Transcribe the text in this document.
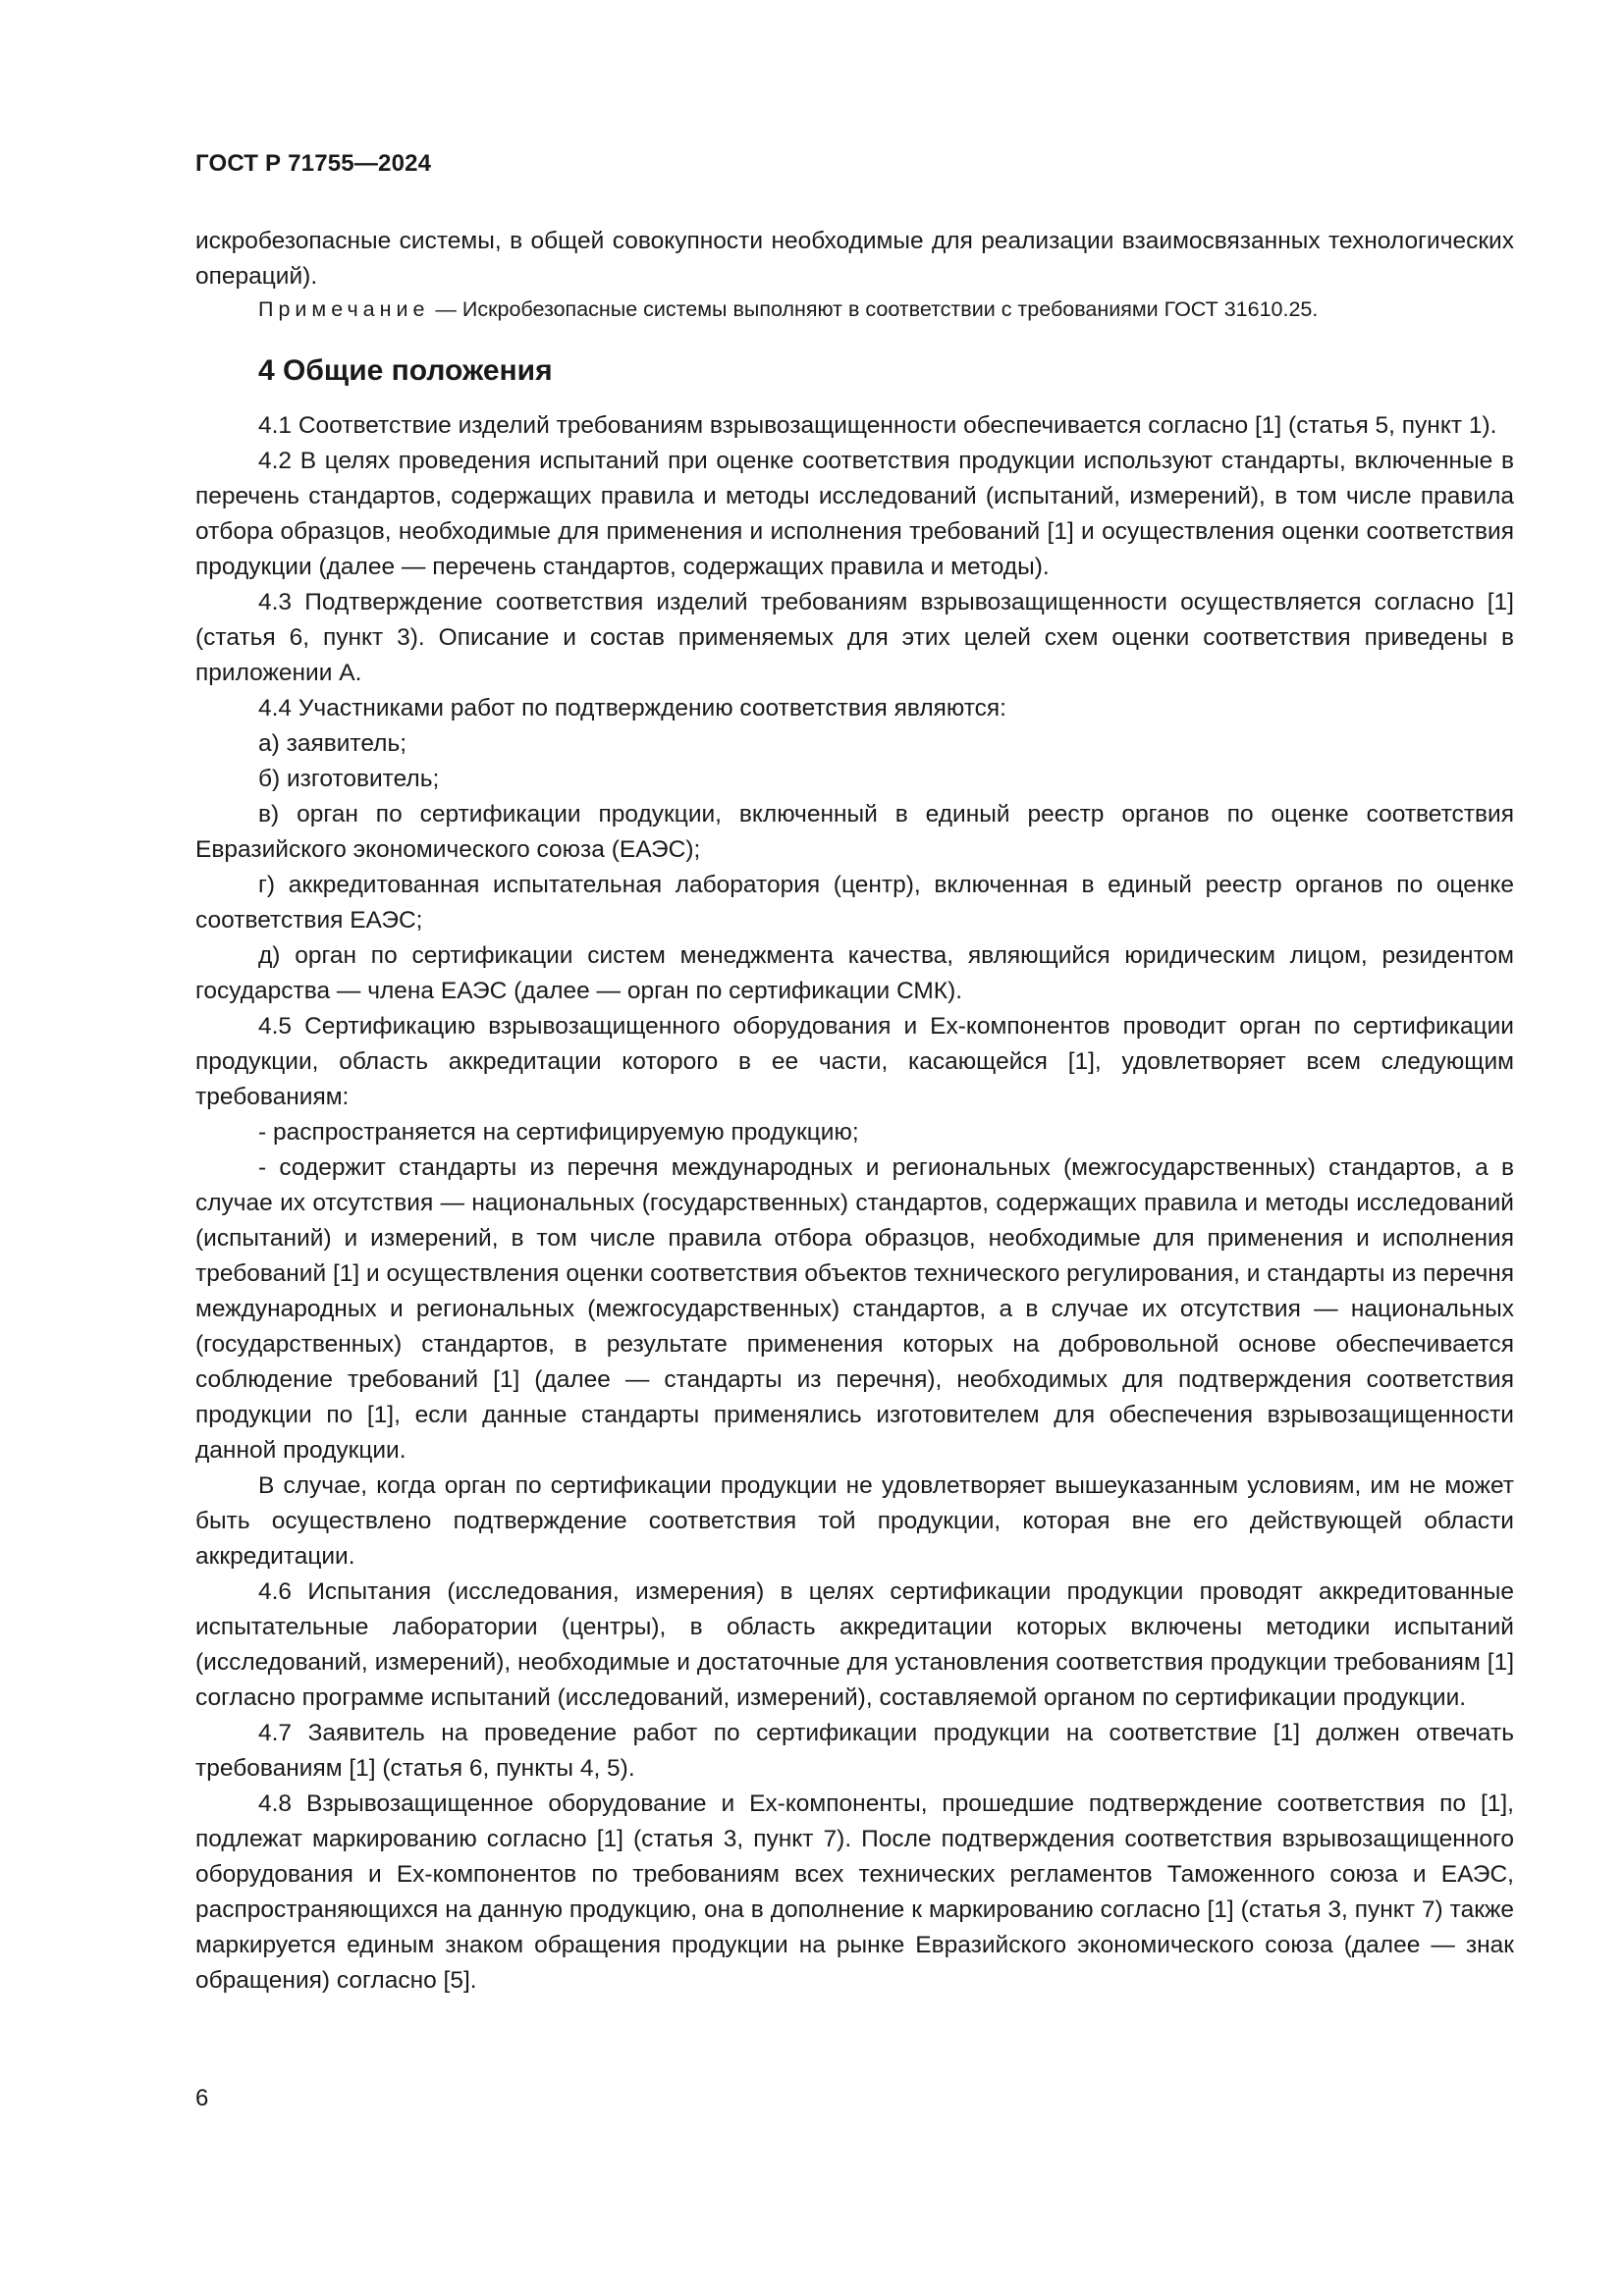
ГОСТ Р 71755—2024

искробезопасные системы, в общей совокупности необходимые для реализации взаимосвязанных технологических операций).

Примечание — Искробезопасные системы выполняют в соответствии с требованиями ГОСТ 31610.25.

4 Общие положения

4.1 Соответствие изделий требованиям взрывозащищенности обеспечивается согласно [1] (статья 5, пункт 1).

4.2 В целях проведения испытаний при оценке соответствия продукции используют стандарты, включенные в перечень стандартов, содержащих правила и методы исследований (испытаний, измерений), в том числе правила отбора образцов, необходимые для применения и исполнения требований [1] и осуществления оценки соответствия продукции (далее — перечень стандартов, содержащих правила и методы).

4.3 Подтверждение соответствия изделий требованиям взрывозащищенности осуществляется согласно [1] (статья 6, пункт 3). Описание и состав применяемых для этих целей схем оценки соответствия приведены в приложении А.

4.4 Участниками работ по подтверждению соответствия являются:

а) заявитель;

б) изготовитель;

в) орган по сертификации продукции, включенный в единый реестр органов по оценке соответствия Евразийского экономического союза (ЕАЭС);

г) аккредитованная испытательная лаборатория (центр), включенная в единый реестр органов по оценке соответствия ЕАЭС;

д) орган по сертификации систем менеджмента качества, являющийся юридическим лицом, резидентом государства — члена ЕАЭС (далее — орган по сертификации СМК).

4.5 Сертификацию взрывозащищенного оборудования и Ex-компонентов проводит орган по сертификации продукции, область аккредитации которого в ее части, касающейся [1], удовлетворяет всем следующим требованиям:

- распространяется на сертифицируемую продукцию;

- содержит стандарты из перечня международных и региональных (межгосударственных) стандартов, а в случае их отсутствия — национальных (государственных) стандартов, содержащих правила и методы исследований (испытаний) и измерений, в том числе правила отбора образцов, необходимые для применения и исполнения требований [1] и осуществления оценки соответствия объектов технического регулирования, и стандарты из перечня международных и региональных (межгосударственных) стандартов, а в случае их отсутствия — национальных (государственных) стандартов, в результате применения которых на добровольной основе обеспечивается соблюдение требований [1] (далее — стандарты из перечня), необходимых для подтверждения соответствия продукции по [1], если данные стандарты применялись изготовителем для обеспечения взрывозащищенности данной продукции.

В случае, когда орган по сертификации продукции не удовлетворяет вышеуказанным условиям, им не может быть осуществлено подтверждение соответствия той продукции, которая вне его действующей области аккредитации.

4.6 Испытания (исследования, измерения) в целях сертификации продукции проводят аккредитованные испытательные лаборатории (центры), в область аккредитации которых включены методики испытаний (исследований, измерений), необходимые и достаточные для установления соответствия продукции требованиям [1] согласно программе испытаний (исследований, измерений), составляемой органом по сертификации продукции.

4.7 Заявитель на проведение работ по сертификации продукции на соответствие [1] должен отвечать требованиям [1] (статья 6, пункты 4, 5).

4.8 Взрывозащищенное оборудование и Ex-компоненты, прошедшие подтверждение соответствия по [1], подлежат маркированию согласно [1] (статья 3, пункт 7). После подтверждения соответствия взрывозащищенного оборудования и Ex-компонентов по требованиям всех технических регламентов Таможенного союза и ЕАЭС, распространяющихся на данную продукцию, она в дополнение к маркированию согласно [1] (статья 3, пункт 7) также маркируется единым знаком обращения продукции на рынке Евразийского экономического союза (далее — знак обращения) согласно [5].

6
